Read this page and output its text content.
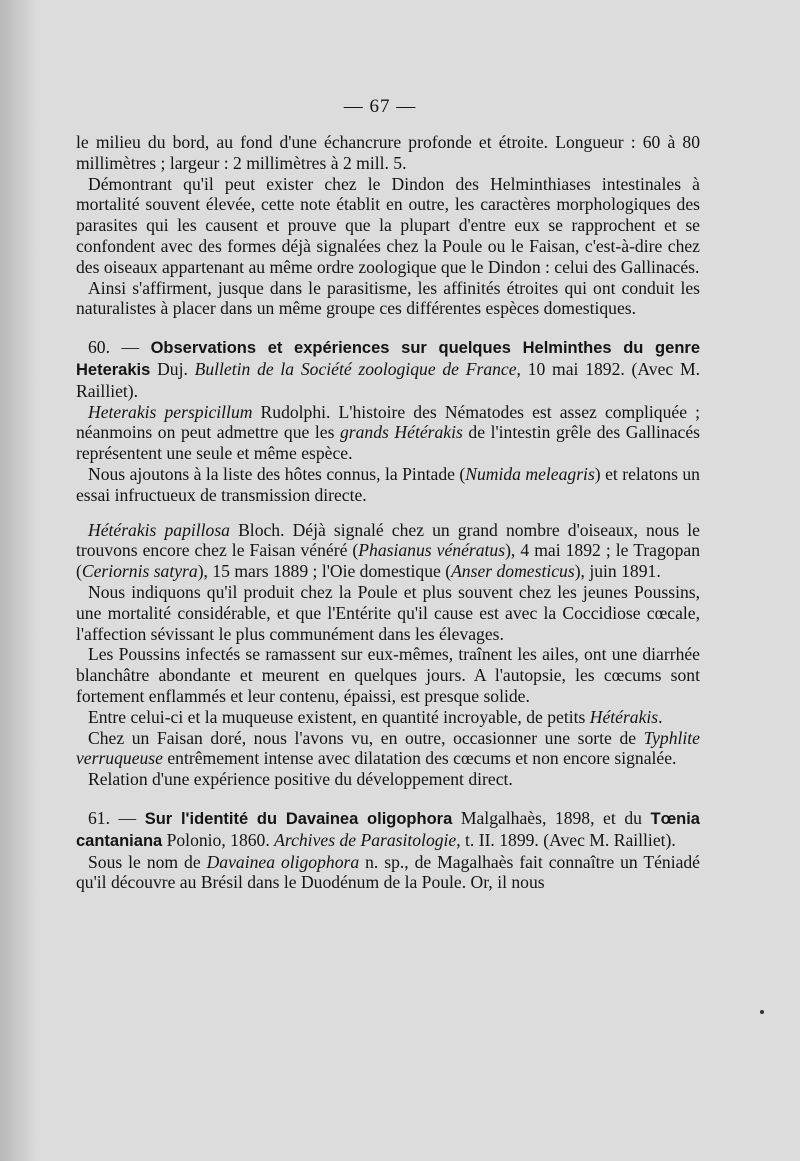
— 67 —

le milieu du bord, au fond d'une échancrure profonde et étroite. Longueur : 60 à 80 millimètres ; largeur : 2 millimètres à 2 mill. 5.

Démontrant qu'il peut exister chez le Dindon des Helminthiases intestinales à mortalité souvent élevée, cette note établit en outre, les caractères morphologiques des parasites qui les causent et prouve que la plupart d'entre eux se rapprochent et se confondent avec des formes déjà signalées chez la Poule ou le Faisan, c'est-à-dire chez des oiseaux appartenant au même ordre zoologique que le Dindon : celui des Gallinacés.

Ainsi s'affirment, jusque dans le parasitisme, les affinités étroites qui ont conduit les naturalistes à placer dans un même groupe ces différentes espèces domestiques.

60. — Observations et expériences sur quelques Helminthes du genre Heterakis Duj. Bulletin de la Société zoologique de France, 10 mai 1892. (Avec M. Railliet).

Heterakis perspicillum Rudolphi. L'histoire des Nématodes est assez compliquée ; néanmoins on peut admettre que les grands Hétérakis de l'intestin grêle des Gallinacés représentent une seule et même espèce.

Nous ajoutons à la liste des hôtes connus, la Pintade (Numida meleagris) et relatons un essai infructueux de transmission directe.

Hétérakis papillosa Bloch. Déjà signalé chez un grand nombre d'oiseaux, nous le trouvons encore chez le Faisan vénéré (Phasianus vénératus), 4 mai 1892 ; le Tragopan (Ceriornis satyra), 15 mars 1889 ; l'Oie domestique (Anser domesticus), juin 1891.

Nous indiquons qu'il produit chez la Poule et plus souvent chez les jeunes Poussins, une mortalité considérable, et que l'Entérite qu'il cause est avec la Coccidiose cœcale, l'affection sévissant le plus communément dans les élevages.

Les Poussins infectés se ramassent sur eux-mêmes, traînent les ailes, ont une diarrhée blanchâtre abondante et meurent en quelques jours. A l'autopsie, les cœcums sont fortement enflammés et leur contenu, épaissi, est presque solide.

Entre celui-ci et la muqueuse existent, en quantité incroyable, de petits Hétérakis.

Chez un Faisan doré, nous l'avons vu, en outre, occasionner une sorte de Typhlite verruqueuse entrêmement intense avec dilatation des cœcums et non encore signalée.

Relation d'une expérience positive du développement direct.

61. — Sur l'identité du Davainea oligophora Malgalhaès, 1898, et du Tœnia cantaniana Polonio, 1860. Archives de Parasitologie, t. II. 1899. (Avec M. Railliet).

Sous le nom de Davainea oligophora n. sp., de Magalhaès fait connaître un Téniadé qu'il découvre au Brésil dans le Duodénum de la Poule. Or, il nous
